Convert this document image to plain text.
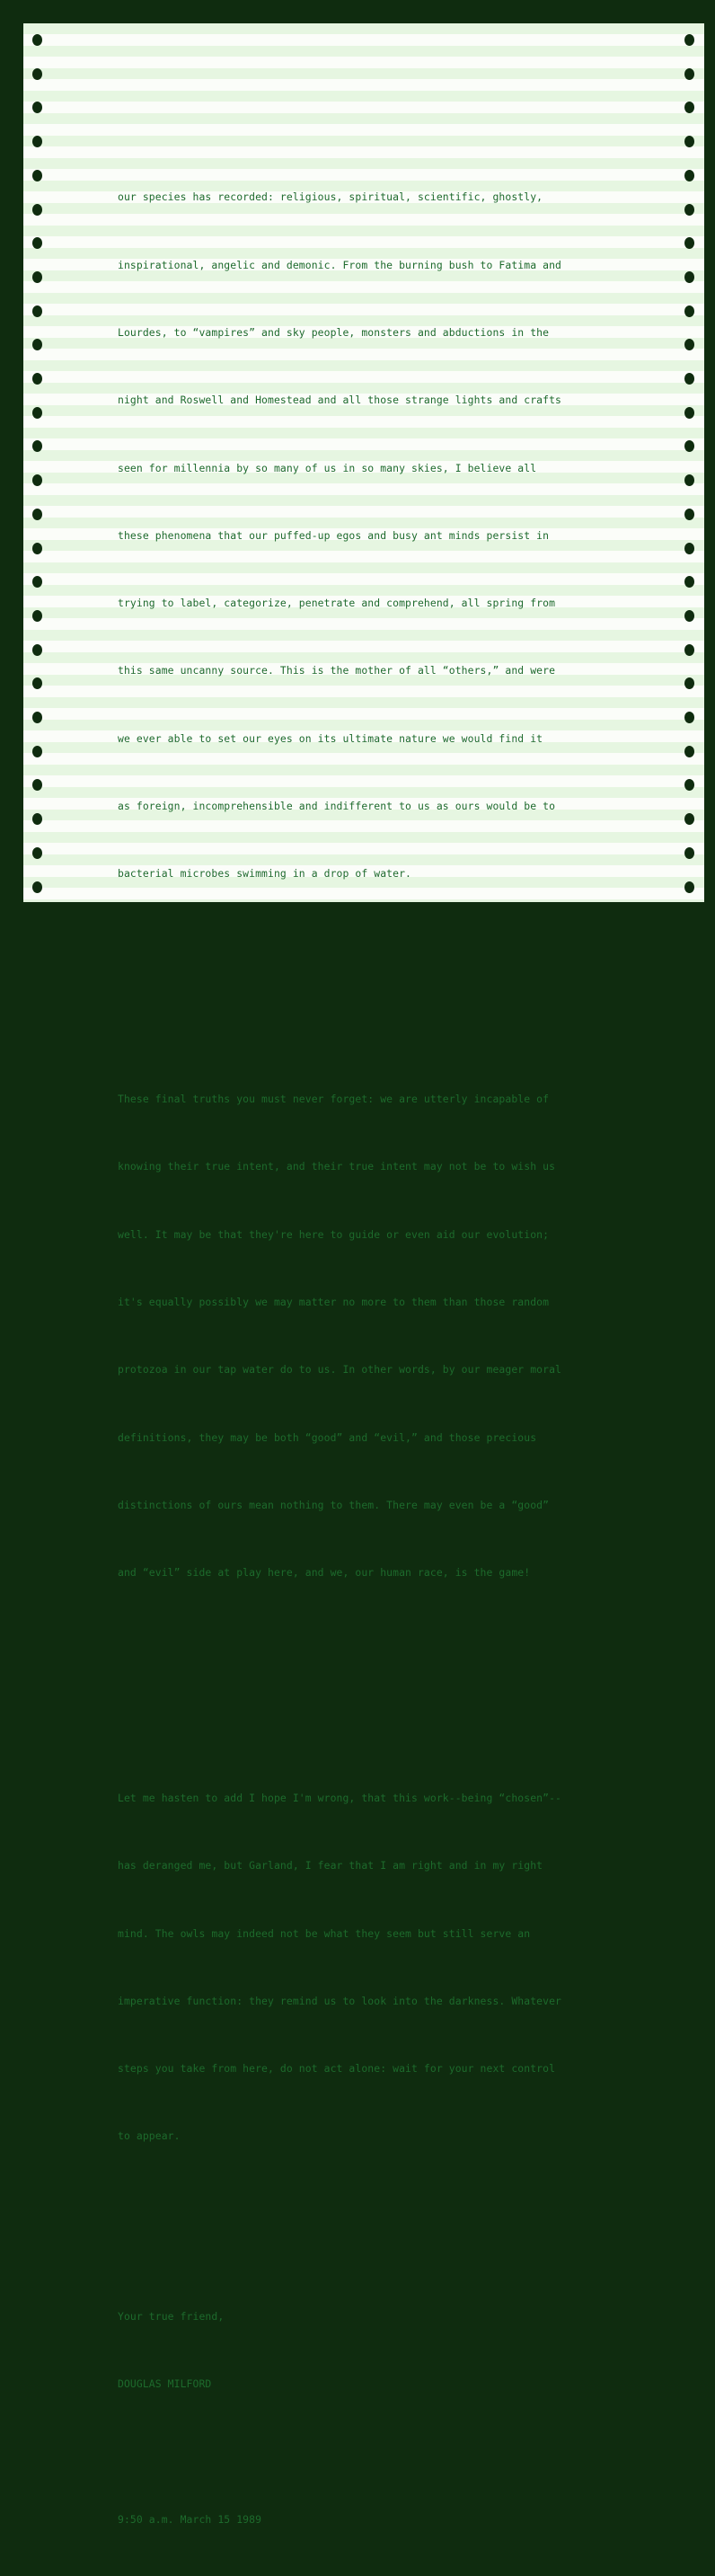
our species has recorded: religious, spiritual, scientific, ghostly,

inspirational, angelic and demonic. From the burning bush to Fatima and

Lourdes, to “vampires” and sky people, monsters and abductions in the

night and Roswell and Homestead and all those strange lights and crafts

seen for millennia by so many of us in so many skies, I believe all

these phenomena that our puffed-up egos and busy ant minds persist in

trying to label, categorize, penetrate and comprehend, all spring from

this same uncanny source. This is the mother of all “others,” and were

we ever able to set our eyes on its ultimate nature we would find it

as foreign, incomprehensible and indifferent to us as ours would be to

bacterial microbes swimming in a drop of water.

These final truths you must never forget: we are utterly incapable of

knowing their true intent, and their true intent may not be to wish us

well. It may be that they're here to guide or even aid our evolution;

it's equally possibly we may matter no more to them than those random

protozoa in our tap water do to us. In other words, by our meager moral

definitions, they may be both “good” and “evil,” and those precious

distinctions of ours mean nothing to them. There may even be a “good”

and “evil” side at play here, and we, our human race, is the game!

Let me hasten to add I hope I'm wrong, that this work--being “chosen”--

has deranged me, but Garland, I fear that I am right and in my right

mind. The owls may indeed not be what they seem but still serve an

imperative function: they remind us to look into the darkness. Whatever

steps you take from here, do not act alone: wait for your next control

to appear.

Your true friend,

DOUGLAS MILFORD

9:50 a.m. March 15 1989
